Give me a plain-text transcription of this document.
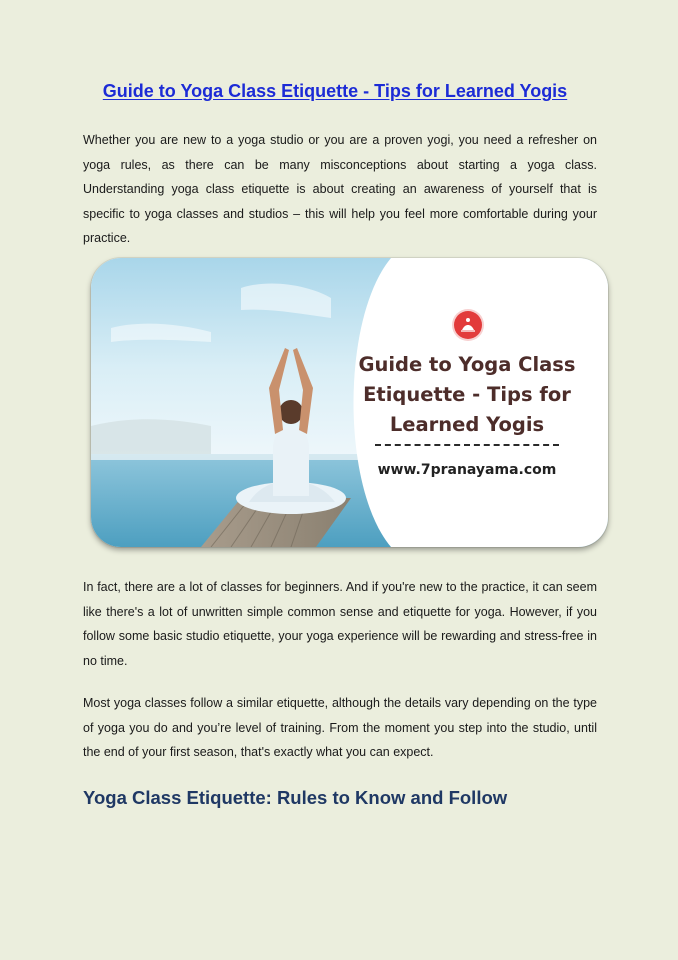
Guide to Yoga Class Etiquette - Tips for Learned Yogis

Whether you are new to a yoga studio or you are a proven yogi, you need a refresher on yoga rules, as there can be many misconceptions about starting a yoga class. Understanding yoga class etiquette is about creating an awareness of yourself that is specific to yoga classes and studios – this will help you feel more comfortable during your practice.

Guide to Yoga Class Etiquette - Tips for Learned Yogis

www.7pranayama.com

In fact, there are a lot of classes for beginners. And if you're new to the practice, it can seem like there's a lot of unwritten simple common sense and etiquette for yoga. However, if you follow some basic studio etiquette, your yoga experience will be rewarding and stress-free in no time.

Most yoga classes follow a similar etiquette, although the details vary depending on the type of yoga you do and you’re level of training. From the moment you step into the studio, until the end of your first season, that's exactly what you can expect.

Yoga Class Etiquette: Rules to Know and Follow
